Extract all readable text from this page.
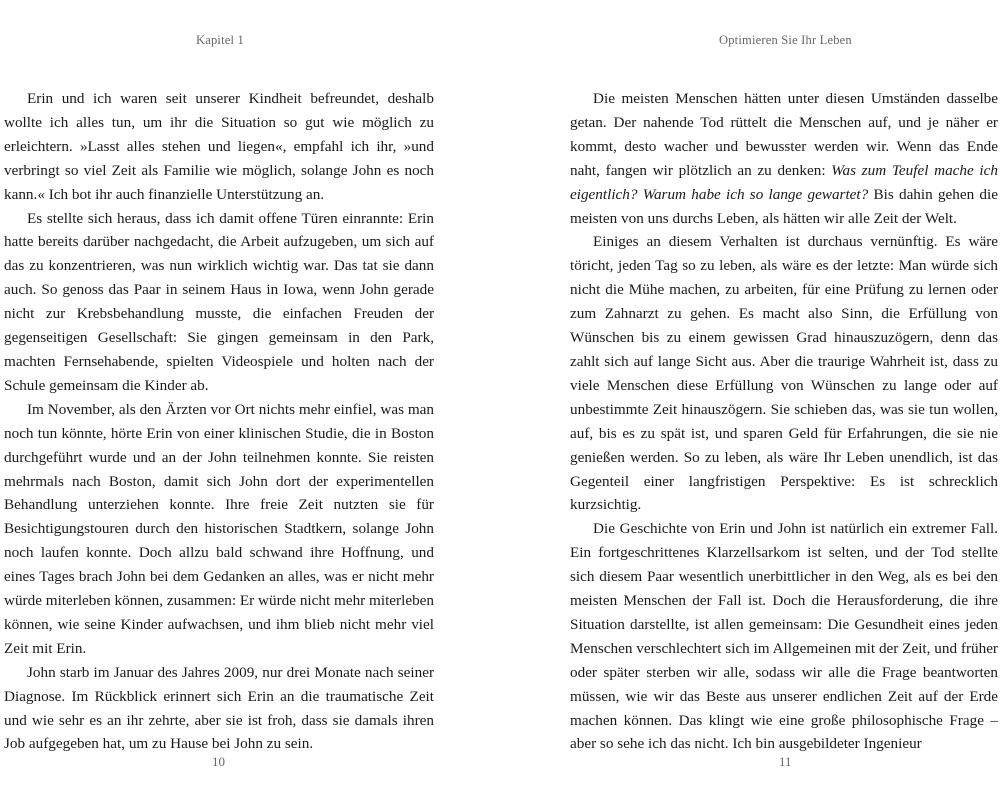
Kapitel 1

Erin und ich waren seit unserer Kindheit befreundet, deshalb wollte ich alles tun, um ihr die Situation so gut wie möglich zu erleichtern. »Lasst alles stehen und liegen«, empfahl ich ihr, »und verbringt so viel Zeit als Familie wie möglich, solange John es noch kann.« Ich bot ihr auch finanzielle Unterstützung an.

Es stellte sich heraus, dass ich damit offene Türen einrannte: Erin hatte bereits darüber nachgedacht, die Arbeit aufzugeben, um sich auf das zu konzentrieren, was nun wirklich wichtig war. Das tat sie dann auch. So genoss das Paar in seinem Haus in Iowa, wenn John gerade nicht zur Krebsbehandlung musste, die einfachen Freuden der gegenseitigen Gesellschaft: Sie gingen gemeinsam in den Park, machten Fernsehabende, spielten Videospiele und holten nach der Schule gemeinsam die Kinder ab.

Im November, als den Ärzten vor Ort nichts mehr einfiel, was man noch tun könnte, hörte Erin von einer klinischen Studie, die in Boston durchgeführt wurde und an der John teilnehmen konnte. Sie reisten mehrmals nach Boston, damit sich John dort der experimentellen Behandlung unterziehen konnte. Ihre freie Zeit nutzten sie für Besichtigungstouren durch den historischen Stadtkern, solange John noch laufen konnte. Doch allzu bald schwand ihre Hoffnung, und eines Tages brach John bei dem Gedanken an alles, was er nicht mehr würde miterleben können, zusammen: Er würde nicht mehr miterleben können, wie seine Kinder aufwachsen, und ihm blieb nicht mehr viel Zeit mit Erin.

John starb im Januar des Jahres 2009, nur drei Monate nach seiner Diagnose. Im Rückblick erinnert sich Erin an die traumatische Zeit und wie sehr es an ihr zehrte, aber sie ist froh, dass sie damals ihren Job aufgegeben hat, um zu Hause bei John zu sein.

10
Optimieren Sie Ihr Leben

Die meisten Menschen hätten unter diesen Umständen dasselbe getan. Der nahende Tod rüttelt die Menschen auf, und je näher er kommt, desto wacher und bewusster werden wir. Wenn das Ende naht, fangen wir plötzlich an zu denken: Was zum Teufel mache ich eigentlich? Warum habe ich so lange gewartet? Bis dahin gehen die meisten von uns durchs Leben, als hätten wir alle Zeit der Welt.

Einiges an diesem Verhalten ist durchaus vernünftig. Es wäre töricht, jeden Tag so zu leben, als wäre es der letzte: Man würde sich nicht die Mühe machen, zu arbeiten, für eine Prüfung zu lernen oder zum Zahnarzt zu gehen. Es macht also Sinn, die Erfüllung von Wünschen bis zu einem gewissen Grad hinauszuzögern, denn das zahlt sich auf lange Sicht aus. Aber die traurige Wahrheit ist, dass zu viele Menschen diese Erfüllung von Wünschen zu lange oder auf unbestimmte Zeit hinauszögern. Sie schieben das, was sie tun wollen, auf, bis es zu spät ist, und sparen Geld für Erfahrungen, die sie nie genießen werden. So zu leben, als wäre Ihr Leben unendlich, ist das Gegenteil einer langfristigen Perspektive: Es ist schrecklich kurzsichtig.

Die Geschichte von Erin und John ist natürlich ein extremer Fall. Ein fortgeschrittenes Klarzellsarkom ist selten, und der Tod stellte sich diesem Paar wesentlich unerbittlicher in den Weg, als es bei den meisten Menschen der Fall ist. Doch die Herausforderung, die ihre Situation darstellte, ist allen gemeinsam: Die Gesundheit eines jeden Menschen verschlechtert sich im Allgemeinen mit der Zeit, und früher oder später sterben wir alle, sodass wir alle die Frage beantworten müssen, wie wir das Beste aus unserer endlichen Zeit auf der Erde machen können. Das klingt wie eine große philosophische Frage – aber so sehe ich das nicht. Ich bin ausgebildeter Ingenieur

11
